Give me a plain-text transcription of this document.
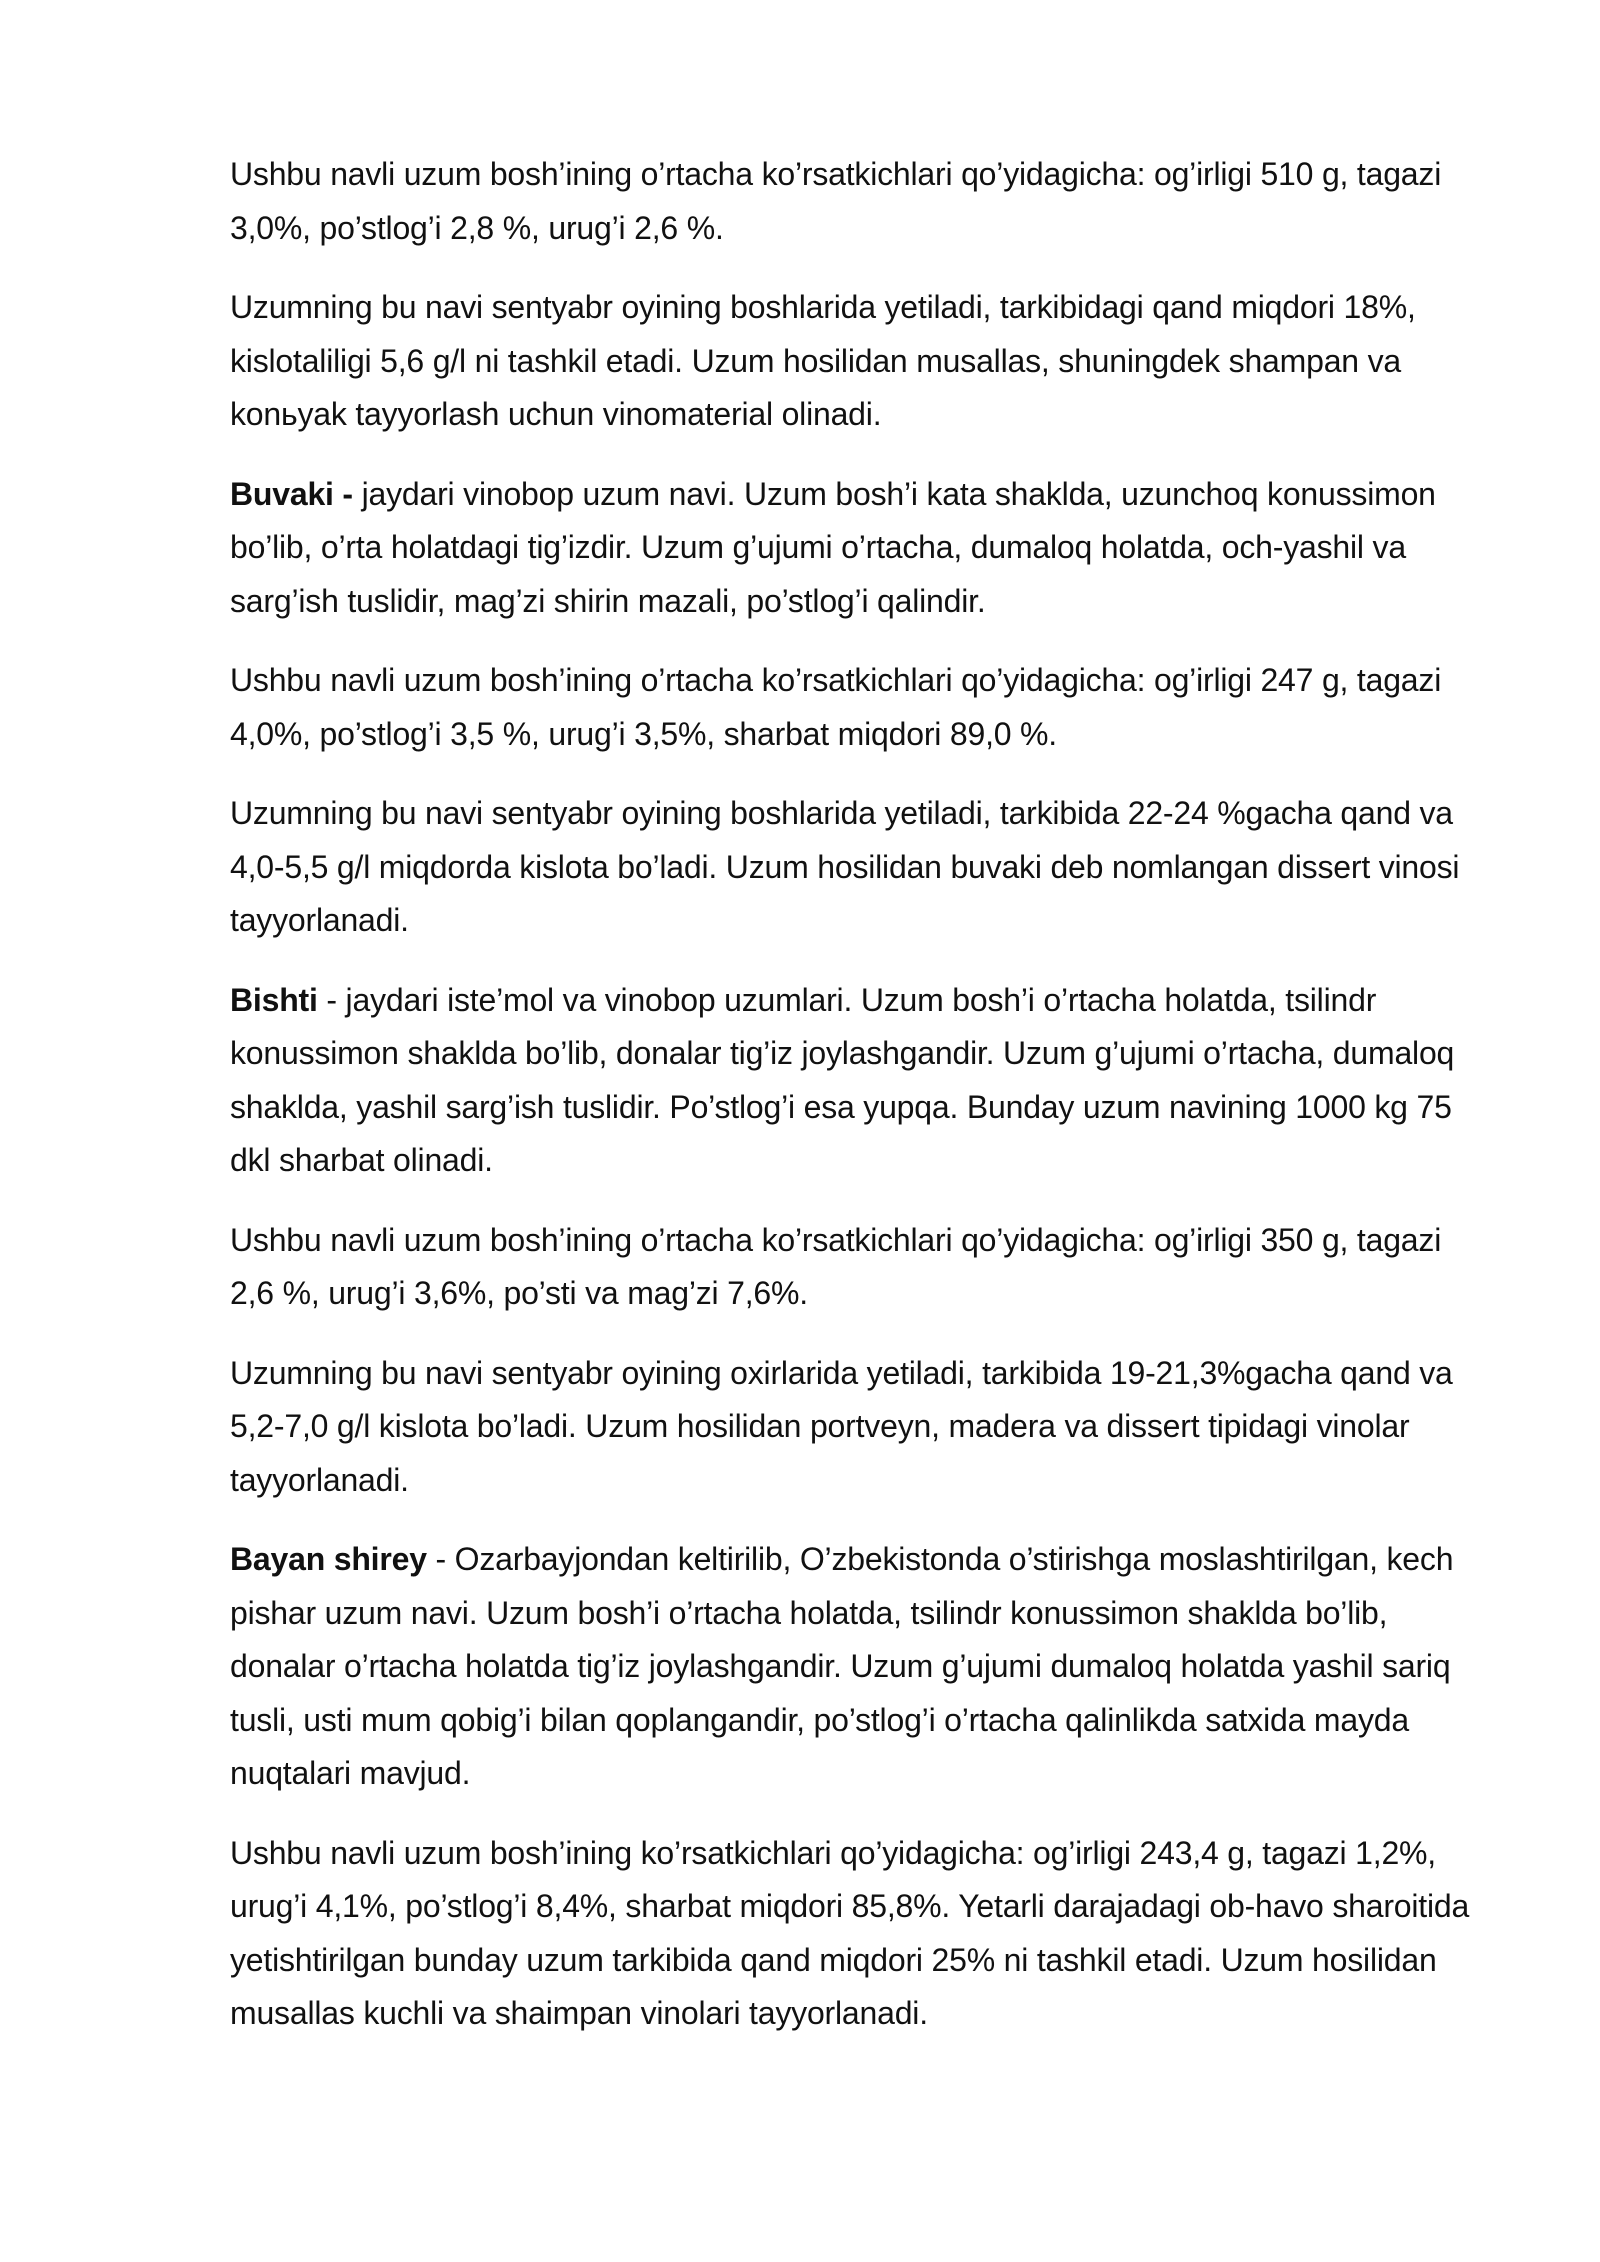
Ushbu navli uzum bosh’ining o’rtacha ko’rsatkichlari qo’yidagicha: og’irligi 510 g, tagazi 3,0%, po’stlog’i 2,8 %, urug’i 2,6 %.

Uzumning bu navi sentyabr oyining boshlarida yetiladi, tarkibidagi qand miqdori 18%, kislotaliligi 5,6 g/l ni tashkil etadi. Uzum hosilidan musallas, shuningdek shampan va konьyak tayyorlash uchun vinomaterial olinadi.

Buvaki - jaydari vinobop uzum navi. Uzum bosh’i kata shaklda, uzunchoq konussimon bo’lib, o’rta holatdagi tig’izdir. Uzum g’ujumi o’rtacha, dumaloq holatda, och-yashil va sarg’ish tuslidir, mag’zi shirin mazali, po’stlog’i qalindir.

Ushbu navli uzum bosh’ining o’rtacha ko’rsatkichlari qo’yidagicha: og’irligi 247 g, tagazi 4,0%, po’stlog’i 3,5 %, urug’i 3,5%, sharbat miqdori 89,0 %.

Uzumning bu navi sentyabr oyining boshlarida yetiladi, tarkibida 22-24 %gacha qand va 4,0-5,5 g/l miqdorda kislota bo’ladi. Uzum hosilidan buvaki deb nomlangan dissert vinosi tayyorlanadi.

Bishti - jaydari iste’mol va vinobop uzumlari. Uzum bosh’i o’rtacha holatda, tsilindr konussimon shaklda bo’lib, donalar tig’iz joylashgandir. Uzum g’ujumi o’rtacha, dumaloq shaklda, yashil sarg’ish tuslidir. Po’stlog’i esa yupqa. Bunday uzum navining 1000 kg 75 dkl sharbat olinadi.

Ushbu navli uzum bosh’ining o’rtacha ko’rsatkichlari qo’yidagicha: og’irligi 350 g, tagazi 2,6 %, urug’i 3,6%, po’sti va mag’zi 7,6%.

Uzumning bu navi sentyabr oyining oxirlarida yetiladi, tarkibida 19-21,3%gacha qand va 5,2-7,0 g/l kislota bo’ladi. Uzum hosilidan portveyn, madera va dissert tipidagi vinolar tayyorlanadi.

Bayan shirey - Ozarbayjondan keltirilib, O’zbekistonda o’stirishga moslashtirilgan, kech pishar uzum navi. Uzum bosh’i o’rtacha holatda, tsilindr konussimon shaklda bo’lib, donalar o’rtacha holatda tig’iz joylashgandir. Uzum g’ujumi dumaloq holatda yashil sariq tusli, usti mum qobig’i bilan qoplangandir, po’stlog’i o’rtacha qalinlikda satxida mayda nuqtalari mavjud.

Ushbu navli uzum bosh’ining ko’rsatkichlari qo’yidagicha: og’irligi 243,4 g, tagazi 1,2%, urug’i 4,1%, po’stlog’i 8,4%, sharbat miqdori 85,8%. Yetarli darajadagi ob-havo sharoitida yetishtirilgan bunday uzum tarkibida qand miqdori 25% ni tashkil etadi. Uzum hosilidan musallas kuchli va shaimpan vinolari tayyorlanadi.
